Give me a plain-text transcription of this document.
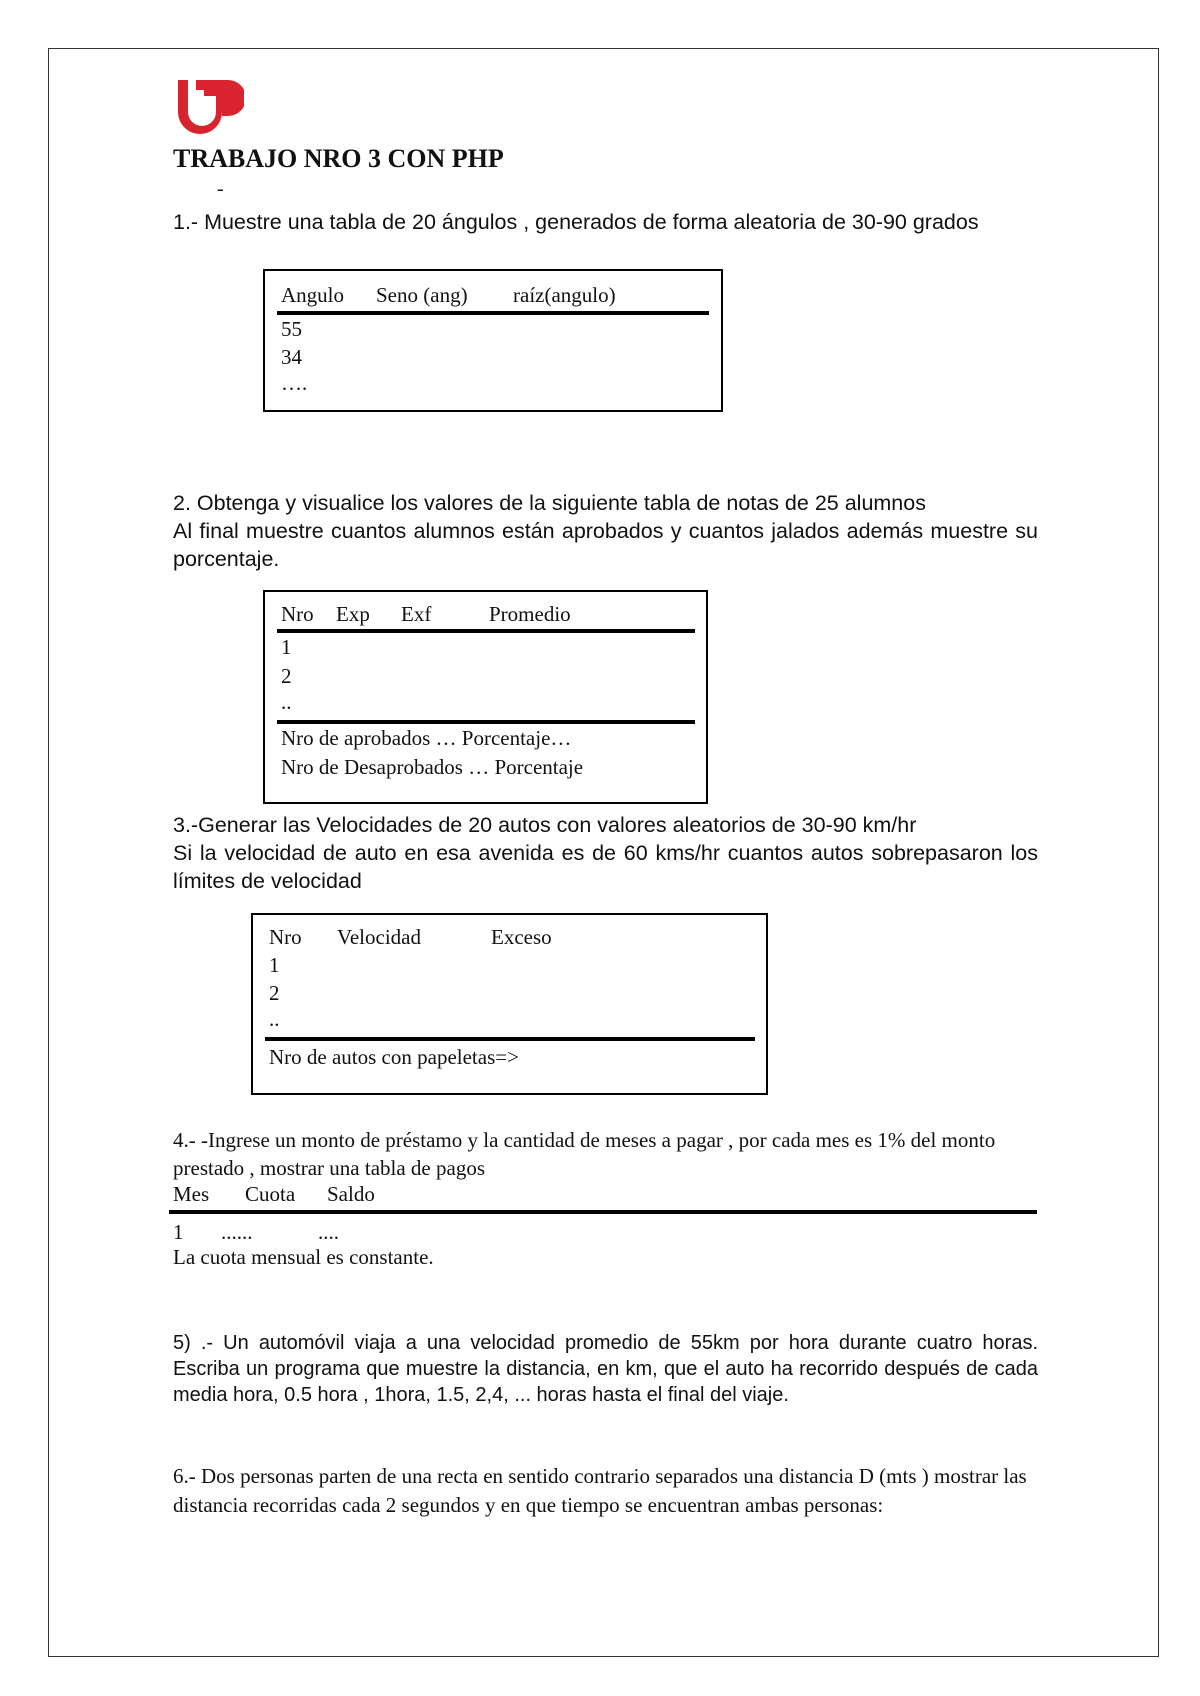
TRABAJO NRO 3 CON PHP
-
1.- Muestre una tabla de 20 ángulos , generados de forma aleatoria de 30-90 grados
Angulo Seno (ang) raíz(angulo)
55
34
….
2. Obtenga y visualice los valores de la siguiente tabla de notas de 25 alumnos
Al final muestre cuantos alumnos están aprobados y cuantos jalados además muestre su porcentaje.
Nro Exp Exf	Promedio
1
2
..
Nro de aprobados … Porcentaje…
Nro de Desaprobados … Porcentaje
3.-Generar las Velocidades de 20 autos con valores aleatorios de 30-90 km/hr
Si la velocidad de auto en esa avenida es de 60 kms/hr cuantos autos sobrepasaron los límites de velocidad
Nro Velocidad	Exceso
1
2
..
Nro de autos con papeletas=>
4.- -Ingrese un monto de préstamo y la cantidad de meses a pagar , por cada mes es 1% del monto prestado , mostrar una tabla de pagos
Mes Cuota Saldo
1 ......	....
La cuota mensual es constante.
5) .- Un automóvil viaja a una velocidad promedio de 55km por hora durante cuatro horas. Escriba un programa que muestre la distancia, en km, que el auto ha recorrido después de cada media hora, 0.5 hora , 1hora, 1.5, 2,4, ... horas hasta el final del viaje.
6.- Dos personas parten de una recta en sentido contrario separados una distancia D (mts ) mostrar las distancia recorridas cada 2 segundos y en que tiempo se encuentran ambas personas:
